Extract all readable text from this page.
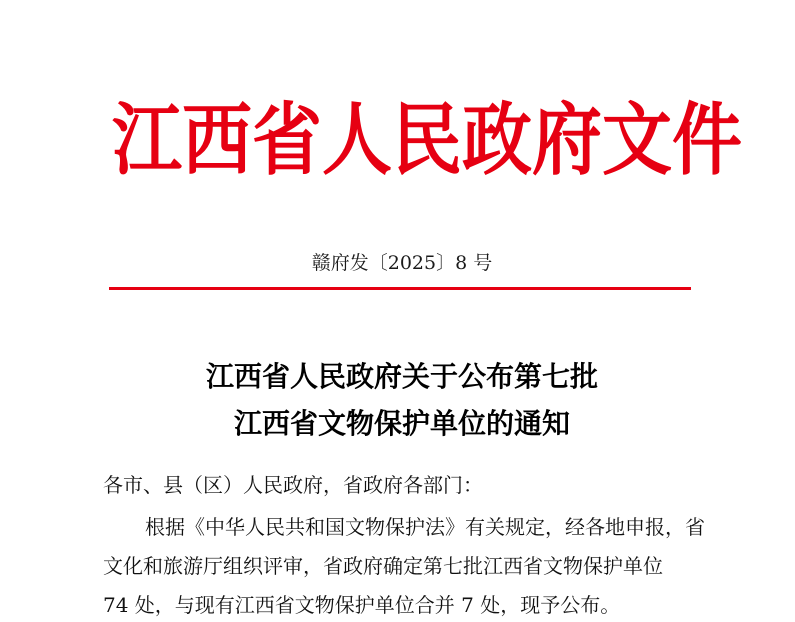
江西省人民政府文件
赣府发〔2025〕8 号
江西省人民政府关于公布第七批
江西省文物保护单位的通知
各市、县（区）人民政府，省政府各部门：
根据《中华人民共和国文物保护法》有关规定，经各地申报，省
文化和旅游厅组织评审，省政府确定第七批江西省文物保护单位
74 处，与现有江西省文物保护单位合并 7 处，现予公布。
